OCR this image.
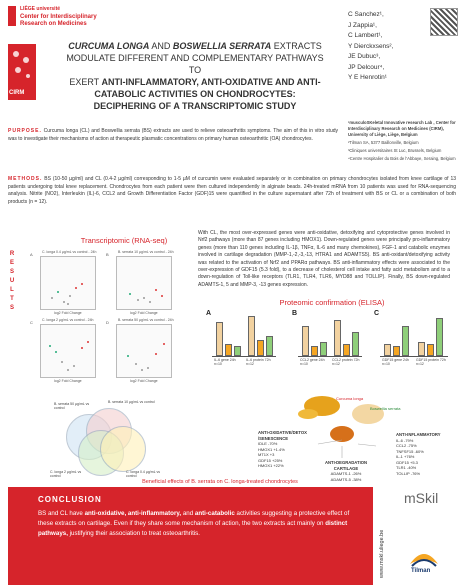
LIÈGE université
Center for Interdisciplinary
Research on Medicines
CIRM
CURCUMA LONGA AND BOSWELLIA SERRATA EXTRACTS
MODULATE DIFFERENT AND COMPLEMENTARY PATHWAYS TO
EXERT ANTI-INFLAMMATORY, ANTI-OXIDATIVE AND ANTI-
CATABOLIC ACTIVITIES ON CHONDROCYTES:
DECIPHERING OF A TRANSCRIPTOMIC STUDY
C Sanchez¹,
J Zappia¹,
C Lambert¹,
Y Dierckxsens²,
JE Dubuc³,
JP Delcour⁴,
Y E Henrotin¹
¹musculoSKeletal Innovative research Lab , Center for Interdisciplinary Research on Medicines (CIRM), University of Liège, Liège, Belgium
²Tilman SA, 5377 Baillonville, Belgium
³Cliniques universitaires St Luc, Brussels, Belgium
⁴Centre Hospitalier du Bois de l'Abbaye, Seraing, Belgium
PURPOSE. Curcuma longa (CL) and Boswellia serrata (BS) extracts are used to relieve osteoarthritis symptoms. The aim of this in vitro study was to investigate their mechanisms of action at therapeutic plasmatic concentrations on primary human osteoarthritic (OA) chondrocytes.
METHODS. BS (10-50 µg/ml) and CL (0.4-2 µg/ml) corresponding to 1-5 µM of curcumin were evaluated separately or in combination on primary chondrocytes isolated from knee cartilage of 13 patients undergoing total knee replacement. Chondrocytes from each patient were then cultured independently in alginate beads. 24h-treated mRNA from 10 patients was used for RNA-sequencing analysis. Nitrite (NO2), Interleukin (IL)-6, CCL2 and Growth Differentiation Factor (GDF)15 were quantified in the culture supernatant after 72h of treatment with BS or CL or a combination of both products (n = 12).
R
E
S
U
L
T
S
Transcriptomic (RNA-seq)
A	C. longa 0.4 µg/mL vs control - 24h
log2 Fold Change
B	B. serrata 10 µg/mL vs control - 24h
log2 Fold Change
C	C. longa 2 µg/mL vs control - 24h
log2 Fold Change
D	B. serrata 50 µg/mL vs control - 24h
log2 Fold Change
With CL, the most over-expressed genes were anti-oxidative, detoxifying and cytoprotective genes involved in Nrf2 pathways (more than 87 genes including HMOX1). Down-regulated genes were principally pro-inflammatory genes (more than 110 genes including IL-1β, TNFα, IL-6 and many chemokines), FGF-1 and catabolic enzymes involved in cartilage degradation (MMP-1,-2,-3,-13, HTRA1 and ADAMTS5). BS anti-oxidant/detoxifying activity was related to the activation of Nrf2 and PPARα pathways. BS anti-inflammatory effects were associated to the over-expression of GDF15 (5.3 fold), to a decrease of cholesterol cell intake and fatty acid metabolism and to a down-regulation of Toll-like receptors (TLR1, TLR4, TLR6, MYD88 and TOLLIP). Finally, BS down-regulated ADAMTS-1, 5 and MMP-3, -13 genes expression.
Proteomic confirmation (ELISA)
A
IL-6 gene 24h n=10
IL-6 protein 72h n=12
B
CCL2 gene 24h n=10
CCL2 protein 72h n=12
C
GDF15 gene 24h n=10
GDF15 protein 72h n=12
B. serrata 50 µg/mL vs control
B. serrata 10 µg/mL vs control
C. longa 2 µg/mL vs control
C. longa 0.4 µg/mL vs control
Curcuma longa
Boswellia serrata
ANTI-OXIDATIVE/DETOX /SENESCENCE
IDLE -70%
HMOX1 +1.4%
MT1X +3
GDF15 +25%
HMOX1 +22%
ANTI-INFLAMMATORY
IL-6 -79%
CCL2 -75%
TNFSF15 -60%
IL-1 +76%
GDF15 +5.3
TLR1 -40%
TOLLIP -76%
ANTI-DEGRADATION CARTILAGE
ADAMTS-1 -26%
ADAMTS-5 -38%
Beneficial effects of B. serrata on C. longa-treated chondrocytes
CONCLUSION
BS and CL have anti-oxidative, anti-inflammatory, and anti-catabolic activities suggesting a protective effect of these extracts on cartilage. Even if they share some mechanism of action, the two extracts act mainly on distinct pathways, justifying their association to treat osteoarthritis.	www.mskl.uliege.be
mSkil
Tilman
